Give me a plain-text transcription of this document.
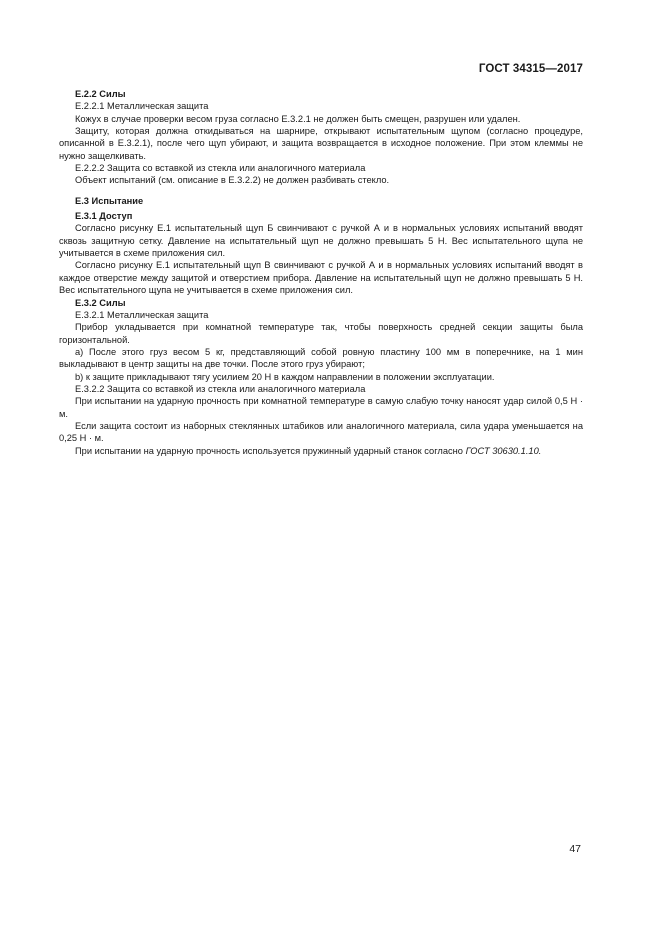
ГОСТ 34315—2017

Е.2.2 Силы

Е.2.2.1 Металлическая защита

Кожух в случае проверки весом груза согласно Е.3.2.1 не должен быть смещен, разрушен или удален.

Защиту, которая должна откидываться на шарнире, открывают испытательным щупом (согласно процедуре, описанной в Е.3.2.1), после чего щуп убирают, и защита возвращается в исходное положение. При этом клеммы не нужно защелкивать.

Е.2.2.2 Защита со вставкой из стекла или аналогичного материала

Объект испытаний (см. описание в Е.3.2.2) не должен разбивать стекло.

Е.3 Испытание

Е.3.1 Доступ

Согласно рисунку Е.1 испытательный щуп Б свинчивают с ручкой А и в нормальных условиях испытаний вводят сквозь защитную сетку. Давление на испытательный щуп не должно превышать 5 Н. Вес испытательного щупа не учитывается в схеме приложения сил.

Согласно рисунку Е.1 испытательный щуп В свинчивают с ручкой А и в нормальных условиях испытаний вводят в каждое отверстие между защитой и отверстием прибора. Давление на испытательный щуп не должно превышать 5 Н. Вес испытательного щупа не учитывается в схеме приложения сил.

Е.3.2 Силы

Е.3.2.1 Металлическая защита

Прибор укладывается при комнатной температуре так, чтобы поверхность средней секции защиты была горизонтальной.

а) После этого груз весом 5 кг, представляющий собой ровную пластину 100 мм в поперечнике, на 1 мин выкладывают в центр защиты на две точки. После этого груз убирают;

b) к защите прикладывают тягу усилием 20 Н в каждом направлении в положении эксплуатации.

Е.3.2.2 Защита со вставкой из стекла или аналогичного материала

При испытании на ударную прочность при комнатной температуре в самую слабую точку наносят удар силой 0,5 Н · м.

Если защита состоит из наборных стеклянных штабиков или аналогичного материала, сила удара уменьшается на 0,25 Н · м.

При испытании на ударную прочность используется пружинный ударный станок согласно ГОСТ 30630.1.10.

47
